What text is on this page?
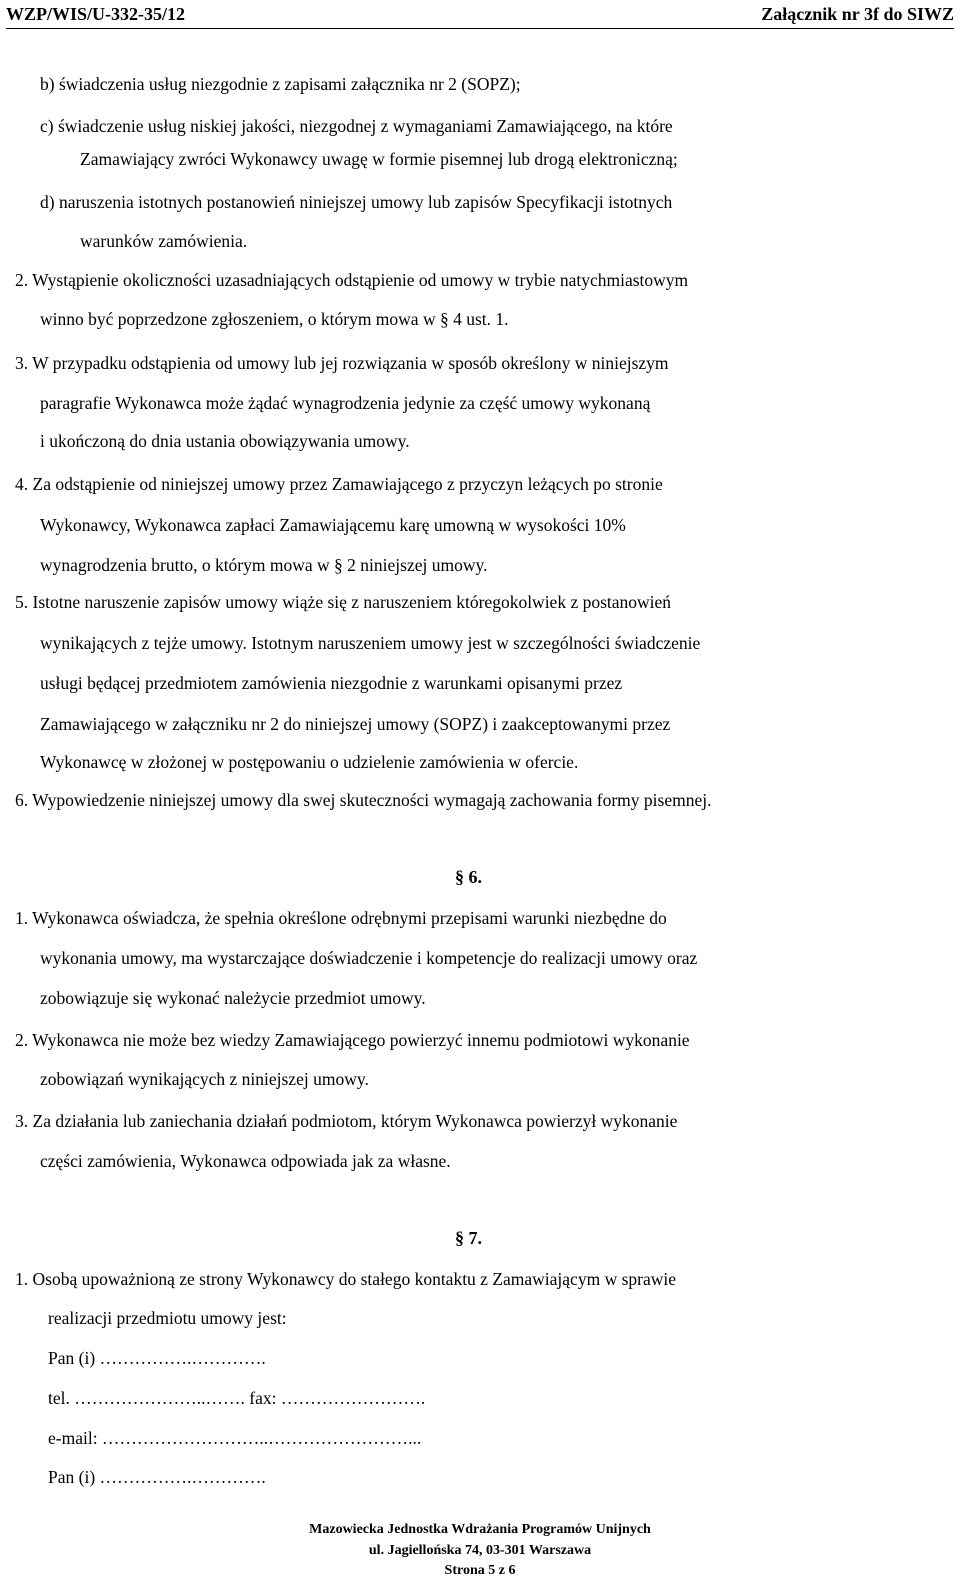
WZP/WIS/U-332-35/12	Załącznik nr 3f do SIWZ
b) świadczenia usług niezgodnie z zapisami załącznika nr 2 (SOPZ);
c) świadczenie usług niskiej jakości, niezgodnej z wymaganiami Zamawiającego, na które
Zamawiający zwróci Wykonawcy uwagę w formie pisemnej lub drogą elektroniczną;
d) naruszenia istotnych postanowień niniejszej umowy lub zapisów Specyfikacji istotnych
warunków zamówienia.
2. Wystąpienie okoliczności uzasadniających odstąpienie od umowy w trybie natychmiastowym
winno być poprzedzone zgłoszeniem, o którym mowa w § 4 ust. 1.
3. W przypadku odstąpienia od umowy lub jej rozwiązania w sposób określony w niniejszym
paragrafie Wykonawca może żądać wynagrodzenia jedynie za część umowy wykonaną
i ukończoną do dnia ustania obowiązywania umowy.
4. Za odstąpienie od niniejszej umowy przez Zamawiającego z przyczyn leżących po stronie
Wykonawcy, Wykonawca zapłaci Zamawiającemu karę umowną w wysokości 10%
wynagrodzenia brutto, o którym mowa w § 2 niniejszej umowy.
5. Istotne naruszenie zapisów umowy wiąże się z naruszeniem któregokolwiek z postanowień
wynikających z tejże umowy. Istotnym naruszeniem umowy jest w szczególności świadczenie
usługi będącej przedmiotem zamówienia niezgodnie z warunkami opisanymi przez
Zamawiającego w załączniku nr 2 do niniejszej umowy (SOPZ) i zaakceptowanymi przez
Wykonawcę w złożonej w postępowaniu o udzielenie zamówienia w ofercie.
6. Wypowiedzenie niniejszej umowy dla swej skuteczności wymagają zachowania formy pisemnej.
§ 6.
1. Wykonawca oświadcza, że spełnia określone odrębnymi przepisami warunki niezbędne do
wykonania umowy, ma wystarczające doświadczenie i kompetencje do realizacji umowy oraz
zobowiązuje się wykonać należycie przedmiot umowy.
2. Wykonawca nie może bez wiedzy Zamawiającego powierzyć innemu podmiotowi wykonanie
zobowiązań wynikających z niniejszej umowy.
3. Za działania lub zaniechania działań podmiotom, którym Wykonawca powierzył wykonanie
części zamówienia, Wykonawca odpowiada jak za własne.
§ 7.
1. Osobą upoważnioną ze strony Wykonawcy do stałego kontaktu z Zamawiającym w sprawie
realizacji przedmiotu umowy jest:
Pan (i) …………….………….
tel. …………………..……. fax: …………………….
e-mail: ………………………..……………………...
Pan (i) …………….………….
Mazowiecka Jednostka Wdrażania Programów Unijnych
ul. Jagiellońska 74, 03-301 Warszawa
Strona 5 z 6
